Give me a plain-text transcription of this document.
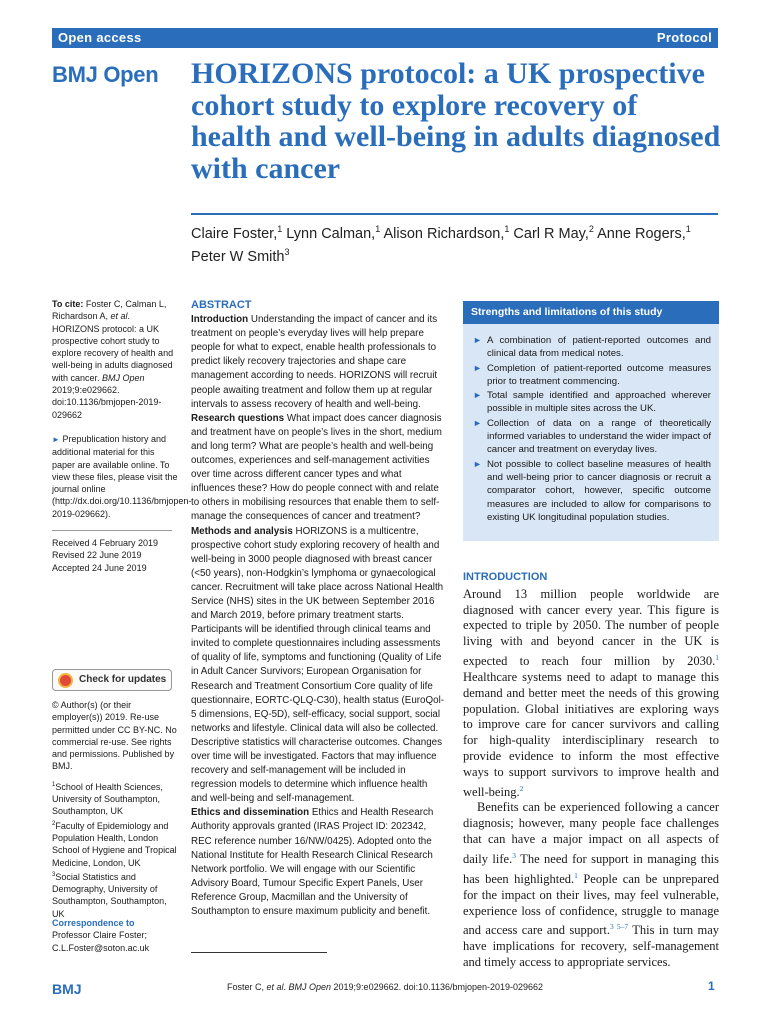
Open access	Protocol
BMJ Open HORIZONS protocol: a UK prospective cohort study to explore recovery of health and well-being in adults diagnosed with cancer
Claire Foster,$^1$ Lynn Calman,$^1$ Alison Richardson,$^1$ Carl R May,$^2$ Anne Rogers,$^1$
Peter W Smith$^3$

To cite: Foster C, Calman L, Richardson A, et al. HORIZONS protocol: a UK prospective cohort study to explore recovery of health and well-being in adults diagnosed with cancer. BMJ Open 2019;9:e029662. doi:10.1136/bmjopen-2019-029662

► Prepublication history and additional material for this paper are available online. To view these files, please visit the journal online (http://dx.doi.org/10.1136/bmjopen-2019-029662).

Received 4 February 2019

Revised 22 June 2019

Accepted 24 June 2019

Check for updates

© Author(s) (or their employer(s)) 2019. Re-use permitted under CC BY-NC. No commercial re-use. See rights and permissions. Published by BMJ.

$^1$School of Health Sciences, University of Southampton, Southampton, UK

$^2$Faculty of Epidemiology and Population Health, London School of Hygiene and Tropical Medicine, London, UK

$^3$Social Statistics and Demography, University of Southampton, Southampton, UK

Correspondence to
Professor Claire Foster;
C.L.Foster@soton.ac.uk
ABSTRACT

Introduction Understanding the impact of cancer and its treatment on people’s everyday lives will help prepare people for what to expect, enable health professionals to predict likely recovery trajectories and shape care management according to needs. HORIZONS will recruit people awaiting treatment and follow them up at regular intervals to assess recovery of health and well-being.

Research questions What impact does cancer diagnosis and treatment have on people’s lives in the short, medium and long term? What are people’s health and well-being outcomes, experiences and self-management activities over time across different cancer types and what influences these? How do people connect with and relate to others in mobilising resources that enable them to self-manage the consequences of cancer and treatment?

Methods and analysis HORIZONS is a multicentre, prospective cohort study exploring recovery of health and well-being in 3000 people diagnosed with breast cancer (<50 years), non-Hodgkin’s lymphoma or gynaecological cancer. Recruitment will take place across National Health Service (NHS) sites in the UK between September 2016 and March 2019, before primary treatment starts. Participants will be identified through clinical teams and invited to complete questionnaires including assessments of quality of life, symptoms and functioning (Quality of Life in Adult Cancer Survivors; European Organisation for Research and Treatment Consortium Core quality of life questionnaire, EORTC-QLQ-C30), health status (EuroQol-5 dimensions, EQ-5D), self-efficacy, social support, social networks and lifestyle. Clinical data will also be collected. Descriptive statistics will characterise outcomes. Changes over time will be investigated. Factors that may influence recovery and self-management will be included in regression models to determine which influence health and well-being and self-management.

Ethics and dissemination Ethics and Health Research Authority approvals granted (IRAS Project ID: 202342, REC reference number 16/NW/0425). Adopted onto the National Institute for Health Research Clinical Research Network portfolio. We will engage with our Scientific Advisory Board, Tumour Specific Expert Panels, User Reference Group, Macmillan and the University of Southampton to ensure maximum publicity and benefit.

Strengths and limitations of this study
► A combination of patient-reported outcomes and clinical data from medical notes.
► Completion of patient-reported outcome measures prior to treatment commencing.
► Total sample identified and approached wherever possible in multiple sites across the UK.
► Collection of data on a range of theoretically informed variables to understand the wider impact of cancer and treatment on everyday lives.
► Not possible to collect baseline measures of health and well-being prior to cancer diagnosis or recruit a comparator cohort, however, specific outcome measures are included to allow for comparisons to existing UK longitudinal population studies.
INTRODUCTION

Around 13 million people worldwide are diagnosed with cancer every year. This figure is expected to triple by 2050. The number of people living with and beyond cancer in the UK is expected to reach four million by 2030.$^1$ Healthcare systems need to adapt to manage this demand and better meet the needs of this growing population. Global initiatives are exploring ways to improve care for cancer survivors and calling for high-quality interdisciplinary research to provide evidence to inform the most effective ways to support survivors to improve health and well-being.$^2$

Benefits can be experienced following a cancer diagnosis; however, many people face challenges that can have a major impact on all aspects of daily life.$^3$ The need for support in managing this has been highlighted.$^1$ People can be unprepared for the impact on their lives, may feel vulnerable, experience loss of confidence, struggle to manage and access care and support.$^{3 5-7}$ This in turn may have implications for recovery, self-management and timely access to appropriate services.

BMJ	Foster C, et al. BMJ Open 2019;9:e029662. doi:10.1136/bmjopen-2019-029662	1
